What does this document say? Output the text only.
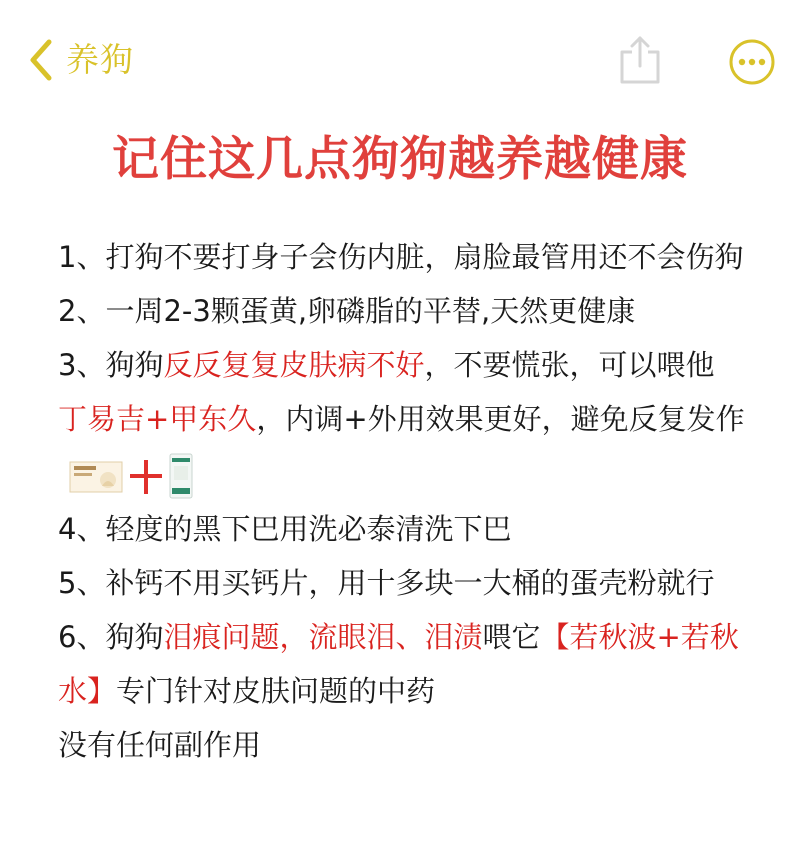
养狗
记住这几点狗狗越养越健康

1、打狗不要打身子会伤内脏，扇脸最管用还不会伤狗

2、一周2-3颗蛋黄,卵磷脂的平替,天然更健康

3、狗狗反反复复皮肤病不好，不要慌张，可以喂他 丁易吉+甲东久，内调+外用效果更好，避免反复发作

4、轻度的黑下巴用洗必泰清洗下巴

5、补钙不用买钙片，用十多块一大桶的蛋壳粉就行

6、狗狗泪痕问题，流眼泪、泪渍喂它【若秋波+若秋水】专门针对皮肤问题的中药

没有任何副作用
